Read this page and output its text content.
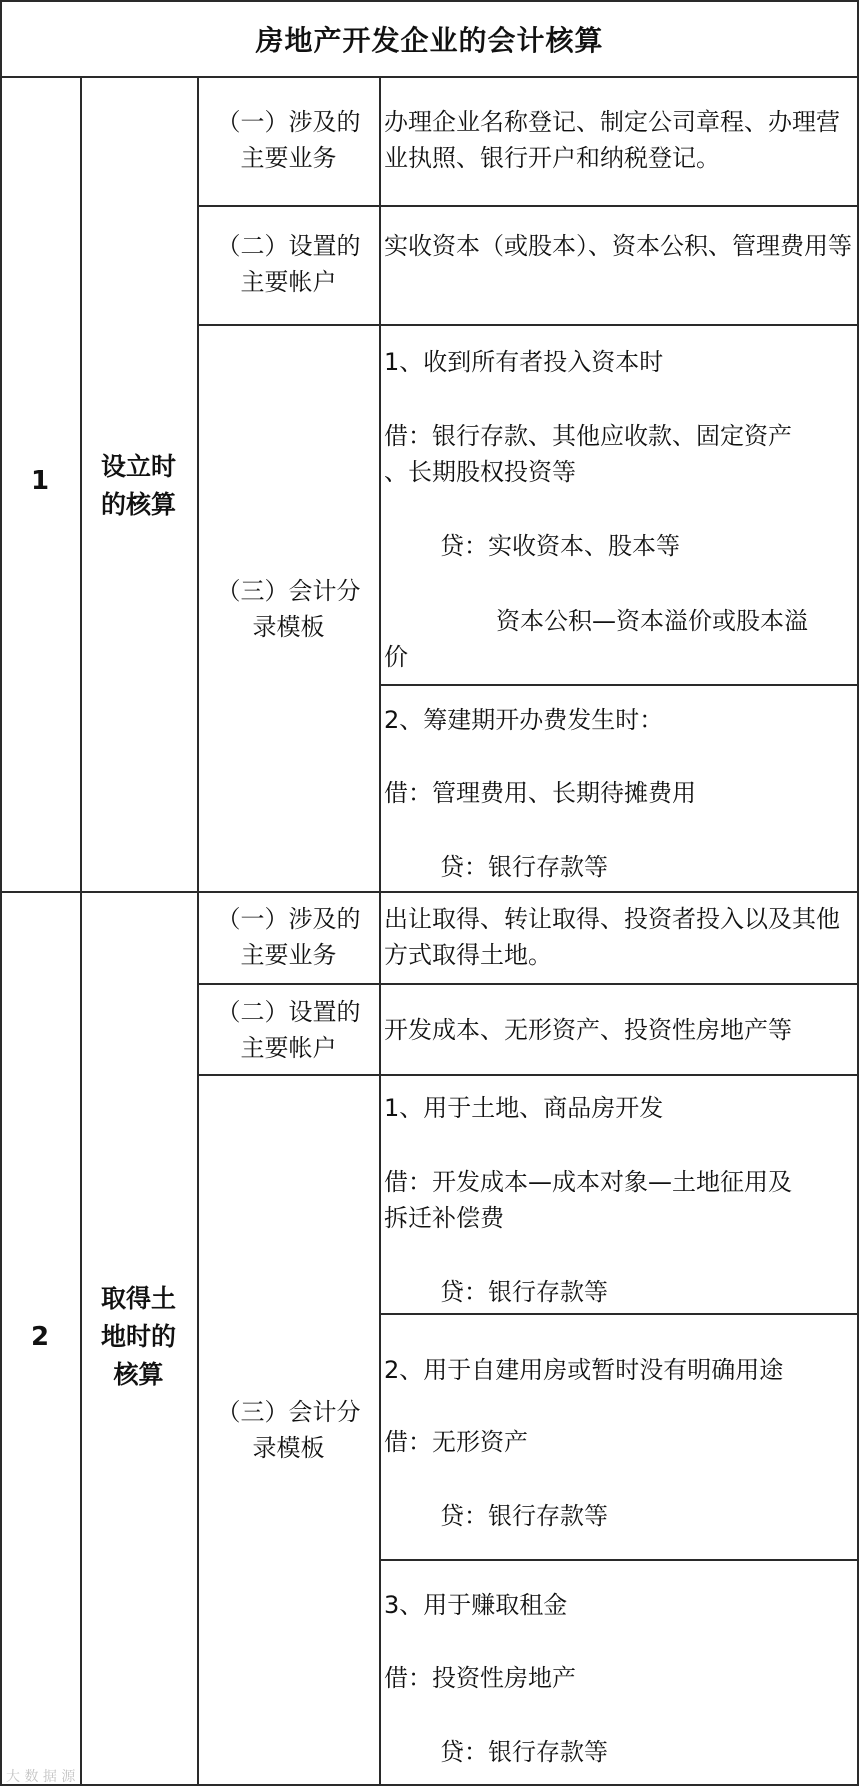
房地产开发企业的会计核算
1	设立时
的核算
（一）涉及的
主要业务
办理企业名称登记、制定公司章程、办理营业执照、银行开户和纳税登记。
（二）设置的
主要帐户
实收资本（或股本）、资本公积、管理费用等
（三）会计分
录模板
1、收到所有者投入资本时
借：银行存款、其他应收款、固定资产
、长期股权投资等
贷：实收资本、股本等
资本公积—资本溢价或股本溢
价
2、筹建期开办费发生时：
借：管理费用、长期待摊费用
贷：银行存款等
2
取得土
地时的
核算
（一）涉及的
主要业务
出让取得、转让取得、投资者投入以及其他方式取得土地。
（二）设置的
主要帐户
开发成本、无形资产、投资性房地产等
（三）会计分
录模板
1、用于土地、商品房开发
借：开发成本—成本对象—土地征用及
拆迁补偿费
贷：银行存款等
2、用于自建用房或暂时没有明确用途
借：无形资产
贷：银行存款等
3、用于赚取租金
借：投资性房地产
贷：银行存款等
大 数 据 源
